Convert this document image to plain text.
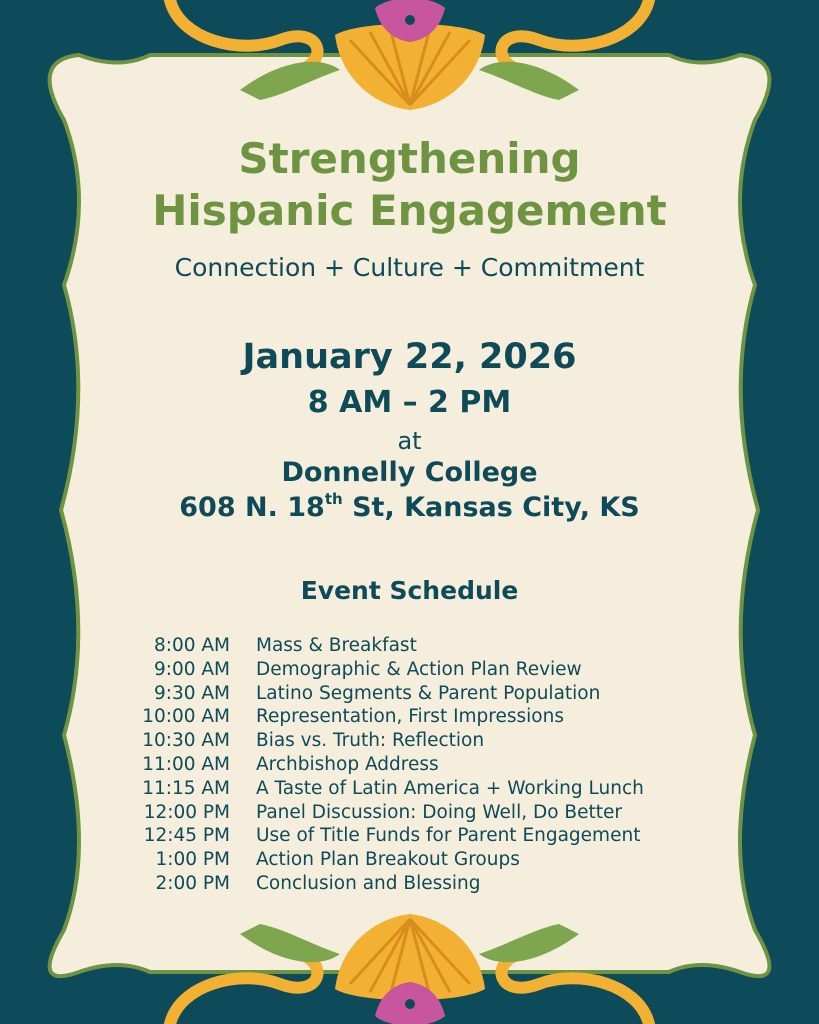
Strengthening
Hispanic Engagement
Connection + Culture + Commitment
January 22, 2026
8 AM – 2 PM
at
Donnelly College
608 N. 18th St, Kansas City, KS
Event Schedule
8:00 AM Mass & Breakfast
9:00 AM Demographic & Action Plan Review
9:30 AM Latino Segments & Parent Population
10:00 AM Representation, First Impressions
10:30 AM Bias vs. Truth: Reflection
11:00 AM Archbishop Address
11:15 AM A Taste of Latin America + Working Lunch
12:00 PM Panel Discussion: Doing Well, Do Better
12:45 PM Use of Title Funds for Parent Engagement
1:00 PM Action Plan Breakout Groups
2:00 PM Conclusion and Blessing
